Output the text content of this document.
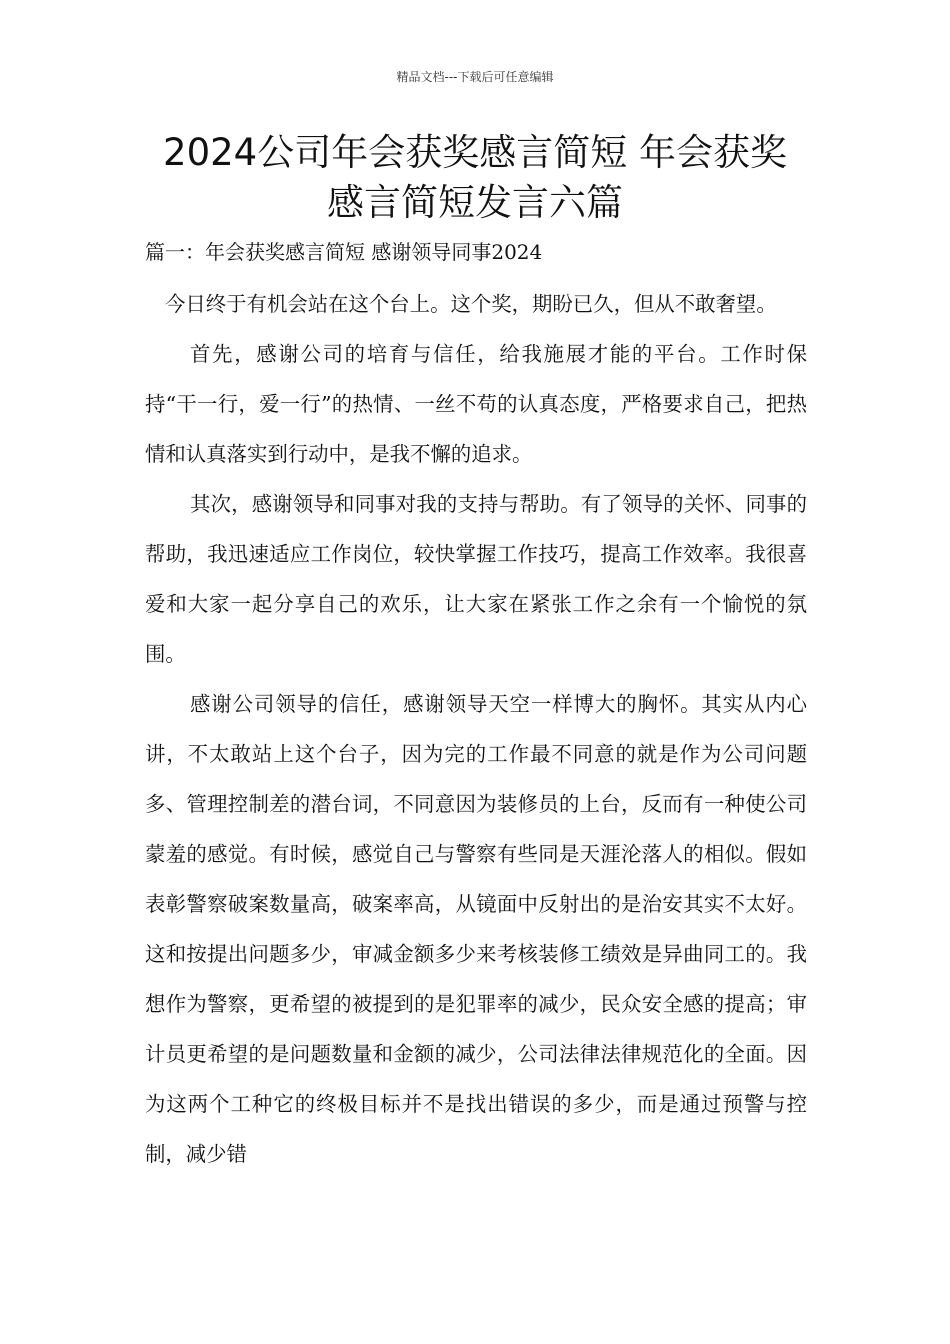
精品文档---下载后可任意编辑
2024公司年会获奖感言简短 年会获奖感言简短发言六篇
篇一：年会获奖感言简短 感谢领导同事2024

今日终于有机会站在这个台上。这个奖，期盼已久，但从不敢奢望。

首先，感谢公司的培育与信任，给我施展才能的平台。工作时保持“干一行，爱一行”的热情、一丝不苟的认真态度，严格要求自己，把热情和认真落实到行动中，是我不懈的追求。

其次，感谢领导和同事对我的支持与帮助。有了领导的关怀、同事的帮助，我迅速适应工作岗位，较快掌握工作技巧，提高工作效率。我很喜爱和大家一起分享自己的欢乐，让大家在紧张工作之余有一个愉悦的氛围。

感谢公司领导的信任，感谢领导天空一样博大的胸怀。其实从内心讲，不太敢站上这个台子，因为完的工作最不同意的就是作为公司问题多、管理控制差的潜台词，不同意因为装修员的上台，反而有一种使公司蒙羞的感觉。有时候，感觉自己与警察有些同是天涯沦落人的相似。假如表彰警察破案数量高，破案率高，从镜面中反射出的是治安其实不太好。这和按提出问题多少，审减金额多少来考核装修工绩效是异曲同工的。我想作为警察，更希望的被提到的是犯罪率的减少，民众安全感的提高；审计员更希望的是问题数量和金额的减少，公司法律法律规范化的全面。因为这两个工种它的终极目标并不是找出错误的多少，而是通过预警与控制，减少错
